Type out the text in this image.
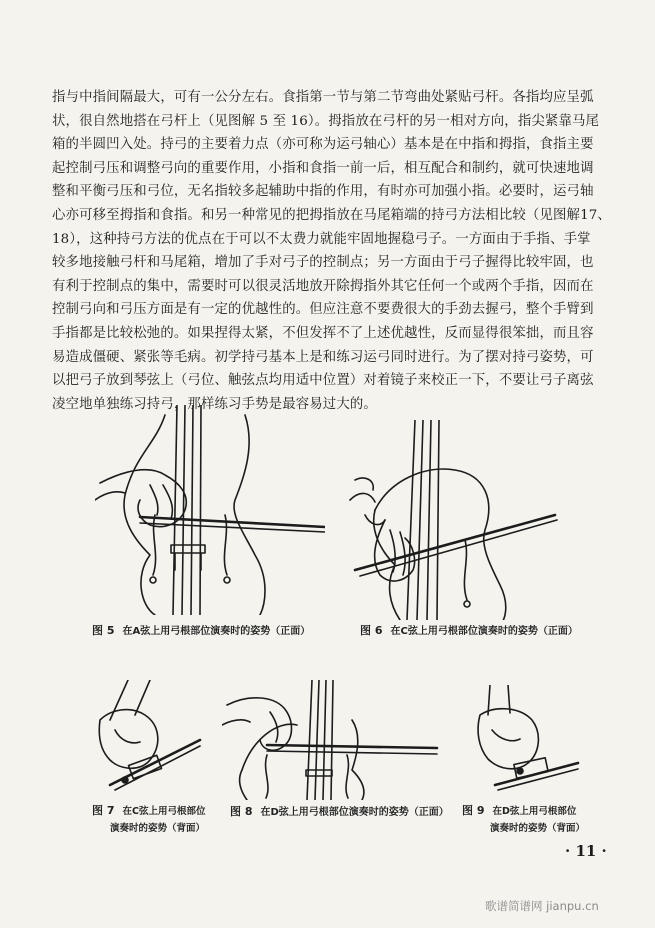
指与中指间隔最大，可有一公分左右。食指第一节与第二节弯曲处紧贴弓杆。各指均应呈弧

状，很自然地搭在弓杆上（见图解 5 至 16）。拇指放在弓杆的另一相对方向，指尖紧靠马尾

箱的半圆凹入处。持弓的主要着力点（亦可称为运弓轴心）基本是在中指和拇指，食指主要

起控制弓压和调整弓向的重要作用，小指和食指一前一后，相互配合和制约，就可快速地调

整和平衡弓压和弓位，无名指较多起辅助中指的作用，有时亦可加强小指。必要时，运弓轴

心亦可移至拇指和食指。和另一种常见的把拇指放在马尾箱端的持弓方法相比较（见图解17、

18），这种持弓方法的优点在于可以不太费力就能牢固地握稳弓子。一方面由于手指、手掌

较多地接触弓杆和马尾箱，增加了手对弓子的控制点；另一方面由于弓子握得比较牢固，也

有利于控制点的集中，需要时可以很灵活地放开除拇指外其它任何一个或两个手指，因而在

控制弓向和弓压方面是有一定的优越性的。但应注意不要费很大的手劲去握弓，整个手臂到

手指都是比较松弛的。如果捏得太紧，不但发挥不了上述优越性，反而显得很笨拙，而且容

易造成僵硬、紧张等毛病。初学持弓基本上是和练习运弓同时进行。为了摆对持弓姿势，可

以把弓子放到琴弦上（弓位、触弦点均用适中位置）对着镜子来校正一下，不要让弓子离弦

凌空地单独练习持弓，那样练习手势是最容易过大的。

图 5 在A弦上用弓根部位演奏时的姿势（正面）	图 6 在C弦上用弓根部位演奏时的姿势（正面）
图 7 在C弦上用弓根部位
演奏时的姿势（背面）
图 8 在D弦上用弓根部位演奏时的姿势（正面） 图 9 在D弦上用弓根部位
演奏时的姿势（背面）
· 11 ·
歌谱简谱网 jianpu.cn
